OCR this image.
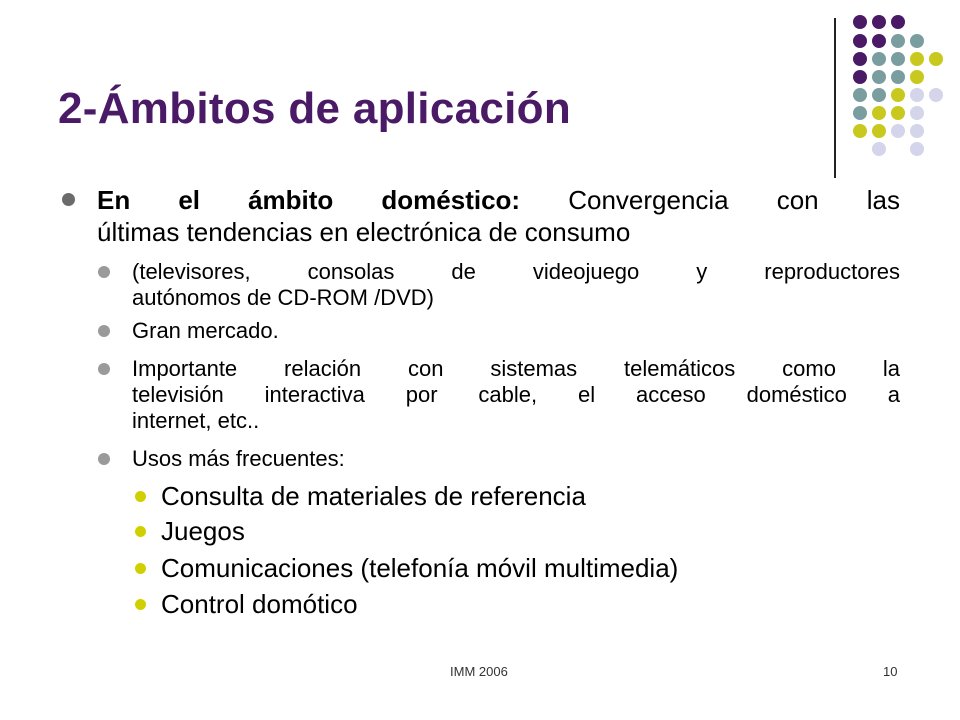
2-Ámbitos de aplicación
En el ámbito doméstico: Convergencia con las
últimas tendencias en electrónica de consumo
(televisores, consolas de videojuego y reproductores
autónomos de CD-ROM /DVD)
Gran mercado.
Importante relación con sistemas telemáticos como la
televisión interactiva por cable, el acceso doméstico a
internet, etc..
Usos más frecuentes:
Consulta de materiales de referencia
Juegos
Comunicaciones (telefonía móvil multimedia)
Control domótico
IMM 2006	10
